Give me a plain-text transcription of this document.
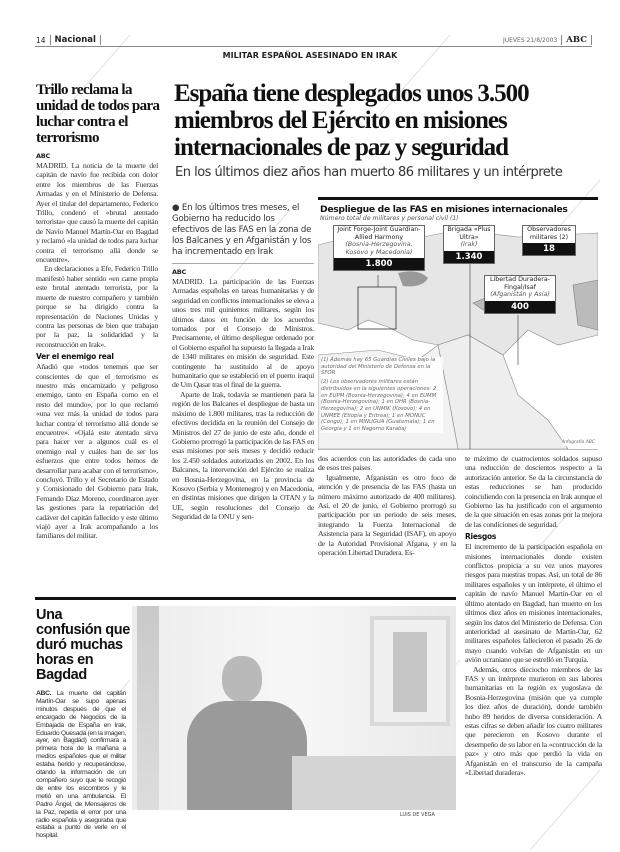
14 Nacional	JUEVES 21/8/2003 ABC
MILITAR ESPAÑOL ASESINADO EN IRAK
Trillo reclama la unidad de todos para luchar contra el terrorismo
ABC

MADRID. La noticia de la muerte del capitán de navío fue recibida con dolor entre los miembros de las Fuerzas Armadas y en el Ministerio de Defensa. Ayer el titular del departamento, Federico Trillo, condenó el «brutal atentado terrorista» que causó la muerte del capitán de Navío Manuel Martín-Oar en Bagdad y reclamó «la unidad de todos para luchar contra el terrorismo allá donde se encuentre».

En declaraciones a Efe, Federico Trillo manifestó haber sentido «en carne propia este brutal atentado terrorista, por la muerte de nuestro compañero y también porque se ha dirigido contra la representación de Naciones Unidas y contra las personas de bien que trabajan por la paz, la solidaridad y la reconstrucción en Irak».

Ver el enemigo real

Añadió que «todos tenemos que ser conscientes de que el terrorismo es nuestro más encarnizado y peligroso enemigo, tanto en España como en el resto del mundo», por lo que reclamó «una vez más la unidad de todos para luchar contra el terrorismo allá donde se encuentre». «Ojalá este atentado sirva para hacer ver a algunos cuál es el enemigo real y cuáles han de ser los esfuerzos que entre todos hemos de desarrollar para acabar con el terrorismo», concluyó. Trillo y el Secretario de Estado y Comisionado del Gobierno para Irak, Fernando Díaz Moreno, coordinaron ayer las gestiones para la repatriación del cadáver del capitán fallecido y este último viajó ayer a Irak acompañando a los familiares del militar.

España tiene desplegados unos 3.500 miembros del Ejército en misiones internacionales de paz y seguridad
En los últimos diez años han muerto 86 militares y un intérprete
● En los últimos tres meses, el Gobierno ha reducido los efectivos de las FAS en la zona de los Balcanes y en Afganistán y los ha incrementado en Irak
ABC

MADRID. La participación de las Fuerzas Armadas españolas en tareas humanitarias y de seguridad en conflictos internacionales se eleva a unos tres mil quinientos militares, según los últimos datos en función de los acuerdos tomados por el Consejo de Ministros. Precisamente, el último despliegue ordenado por el Gobierno español ha supuesto la llegada a Irak de 1340 militares en misión de seguridad. Este contingente ha sustituido al de apoyo humanitario que se estableció en el puerto iraquí de Um Qasar tras el final de la guerra.

Aparte de Irak, todavía se mantienen para la región de los Balcanes el despliegue de hasta un máximo de 1.800 militares, tras la reducción de efectivos decidida en la reunión del Consejo de Ministros del 27 de junio de este año, donde el Gobierno prorrogó la participación de las FAS en esas misiones por seis meses y decidió reducir los 2.450 soldados autorizados en 2002. En los Balcanes, la intervención del Ejército se realiza en Bosnia-Herzegovina, en la provincia de Kosovo (Serbia y Montenegro) y en Macedonia, en distintas misiones que dirigen la OTAN y la UE, según resoluciones del Consejo de Seguridad de la ONU y sen-

Despliegue de las FAS en misiones internacionales
Número total de militares y personal civil (1)
Joint Forge-Joint Guardian-Allied Harmony
(Bosnia-Herzegovina, Kosovo y Macedonia)
1.800
Brigada «Plus Ultra»
(Irak)
1.340
Observadores militares (2)
18
Libertad Duradera-Fingal/Isaf
(Afganistán y Asia)
400
(1) Además hay 65 Guardias Civiles bajo la autoridad del Ministerio de Defensa en la SFOR
(2) Los observadores militares están distribuidos en la siguientes operaciones: 2 en EUPM (Bosnia-Herzegovina); 4 en EUMM (Bosnia-Herzegovina); 1 en OHR (Bosnia-Herzegovina); 2 en UNMIK (Kosovo); 4 en UNMEE (Etiopía y Eritrea); 1 en MONUC (Congo); 1 en MINUGUA (Guatemala); 1 en Georgia y 1 en Nagorno Karabaj
Infografía ABC

dos acuerdos con las autoridades de cada uno de esos tres países.

Igualmente, Afganistán es otro foco de atención y de presencia de las FAS (hasta un número máximo autorizado de 400 militares). Así, el 20 de junio, el Gobierno prorrogó su participación por un periodo de seis meses, integrando la Fuerza Internacional de Asistencia para la Seguridad (ISAF), en apoyo de la Autoridad Provisional Afgana, y en la operación Libertad Duradera. Es-

te máximo de cuatrocientos soldados supuso una reducción de doscientos respecto a la autorización anterior. Se da la circunstancia de estas reducciones se han producido coincidiendo con la presencia en Irak aunque el Gobierno las ha justificado con el argumento de la que situación en esas zonas por la mejora de las condiciones de seguridad.

Riesgos

El incremento de la participación española en misiones internacionales donde existen conflictos propicia a su vez unos mayores riesgos para nuestras tropas. Así, un total de 86 militares españoles y un intérprete, el último el capitán de navío Manuel Martín-Oar en el último atentado en Bagdad, han muerto en los últimos diez años en misiones internacionales, según los datos del Ministerio de Defensa. Con anterioridad al asesinato de Martín-Oar, 62 militares españoles fallecieron el pasado 26 de mayo cuando volvían de Afganistán en un avión ucraniano que se estrelló en Turquía.

Además, otros dieciocho miembros de las FAS y un intérprete murieron en sus labores humanitarias en la región ex yugoslava de Bosnia-Herzegovina (misión que ya cumple los diez años de duración), donde también hubo 89 heridos de diversa consideración. A estas cifras se deben añadir los cuatro militares que perecieron en Kosovo durante el desempeño de su labor en la «contrucción de la paz» y otro más que perdió la vida en Afganistán en el transcurso de la campaña «Libertad duradera».

Una confusión que duró muchas horas en Bagdad
ABC. La muerte del capitán Martín-Oar se supo apenas minutos después de que el encargado de Negocios de la Embajada de España en Irak, Eduardo Quesada (en la imagen, ayer, en Bagdad) confirmara a primera hora de la mañana a medios españoles que el militar estaba herido y recuperándose, citando la información de un compañero suyo que le recogió de entre los escombros y le metió en una ambulancia. El Padre Ángel, de Mensajeros de la Paz, repetía el error por una radio española y aseguraba que estaba a punto de verle en el hospital.
LUIS DE VEGA
